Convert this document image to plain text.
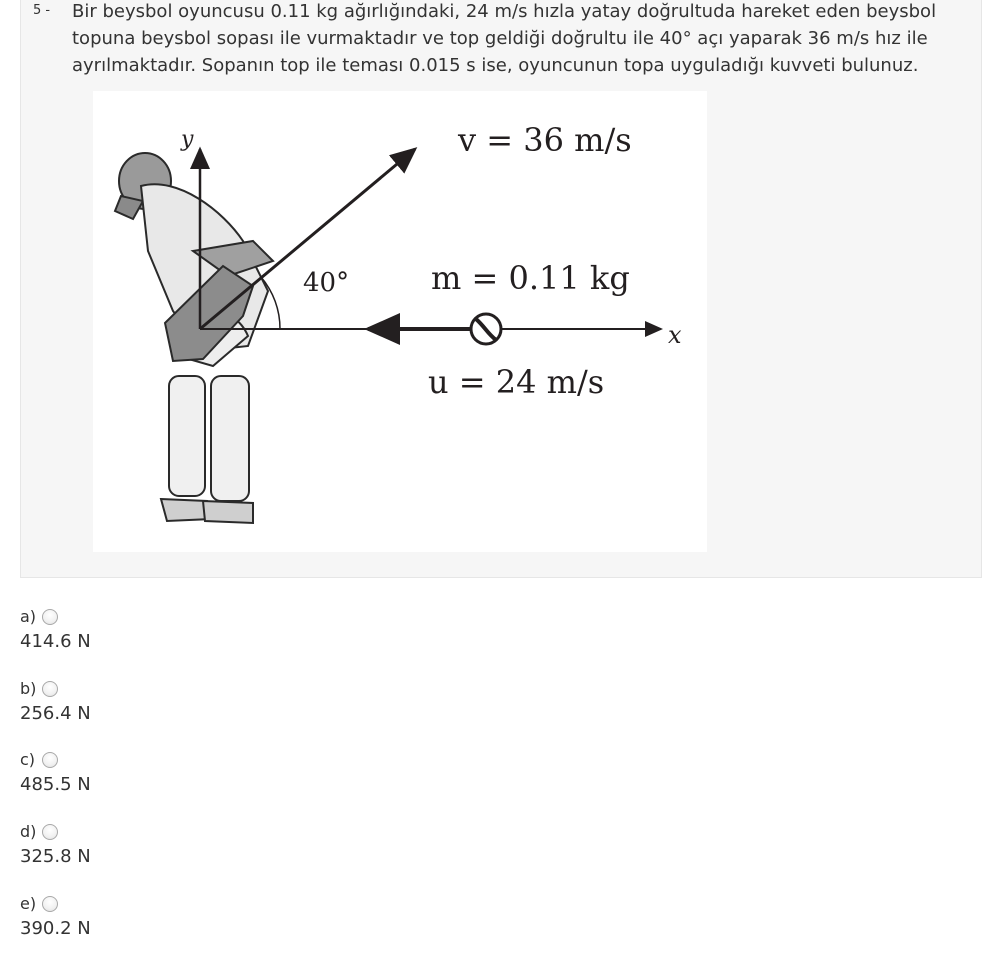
5 - Bir beysbol oyuncusu 0.11 kg ağırlığındaki, 24 m/s hızla yatay doğrultuda hareket eden beysbol topuna beysbol sopası ile vurmaktadır ve top geldiği doğrultu ile 40° açı yaparak 36 m/s hız ile ayrılmaktadır. Sopanın top ile teması 0.015 s ise, oyuncunun topa uyguladığı kuvveti bulunuz.
y	v = 36 m/s
40°	m = 0.11 kg
x
u = 24 m/s
a)
414.6 N
b)
256.4 N
c)
485.5 N
d)
325.8 N
e)
390.2 N
